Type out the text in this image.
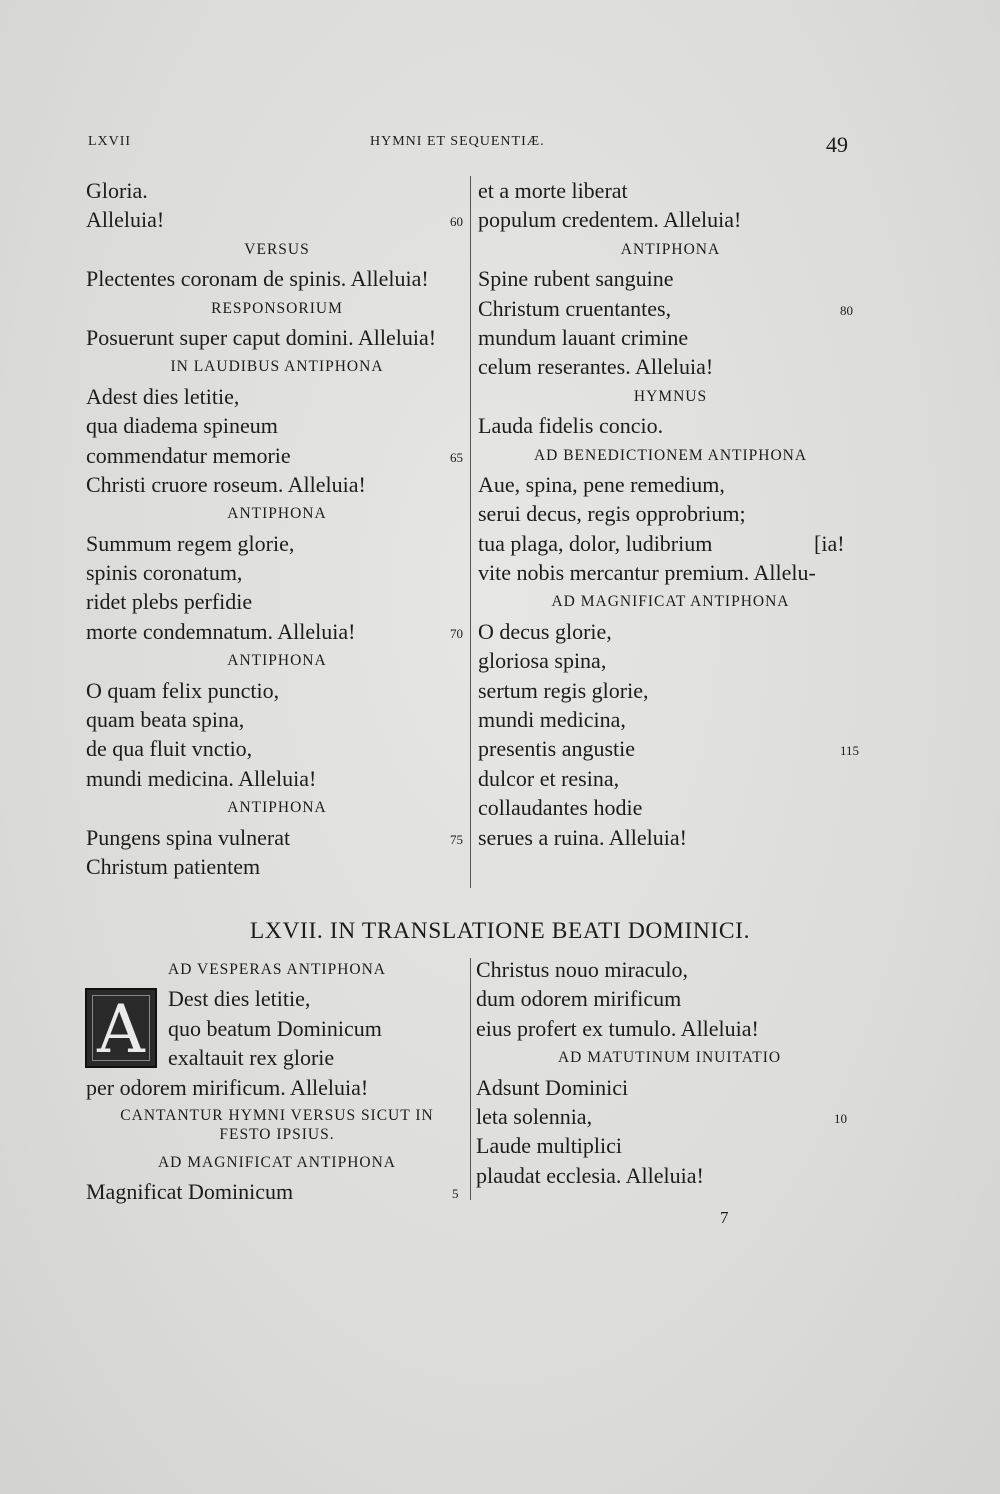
LXVII	HYMNI ET SEQUENTIÆ.	49
Gloria.
Alleluia!	60
VERSUS
Plectentes coronam de spinis. Alleluia!
RESPONSORIUM
Posuerunt super caput domini. Alleluia!
IN LAUDIBUS ANTIPHONA
Adest dies letitie,
qua diadema spineum
commendatur memorie	65
Christi cruore roseum. Alleluia!
ANTIPHONA
Summum regem glorie,
spinis coronatum,
ridet plebs perfidie
morte condemnatum. Alleluia!	70
ANTIPHONA
O quam felix punctio,
quam beata spina,
de qua fluit vnctio,
mundi medicina. Alleluia!
ANTIPHONA
Pungens spina vulnerat	75
Christum patientem
et a morte liberat
populum credentem. Alleluia!
ANTIPHONA
Spine rubent sanguine
Christum cruentantes,	80
mundum lauant crimine
celum reserantes. Alleluia!
HYMNUS
Lauda fidelis concio.
AD BENEDICTIONEM ANTIPHONA
Aue, spina, pene remedium,
serui decus, regis opprobrium;
tua plaga, dolor, ludibrium	[ia!
vite nobis mercantur premium. Allelu-
AD MAGNIFICAT ANTIPHONA
O decus glorie,
gloriosa spina,
sertum regis glorie,
mundi medicina,
presentis angustie	115
dulcor et resina,
collaudantes hodie
serues a ruina. Alleluia!
LXVII. IN TRANSLATIONE BEATI DOMINICI.
A
AD VESPERAS ANTIPHONA
Dest dies letitie,
quo beatum Dominicum
exaltauit rex glorie
per odorem mirificum. Alleluia!
CANTANTUR HYMNI VERSUS SICUT IN
FESTO IPSIUS.
AD MAGNIFICAT ANTIPHONA
Magnificat Dominicum	5
Christus nouo miraculo,
dum odorem mirificum
eius profert ex tumulo. Alleluia!
AD MATUTINUM INUITATIO
Adsunt Dominici
leta solennia,	10
Laude multiplici
plaudat ecclesia. Alleluia!
7
